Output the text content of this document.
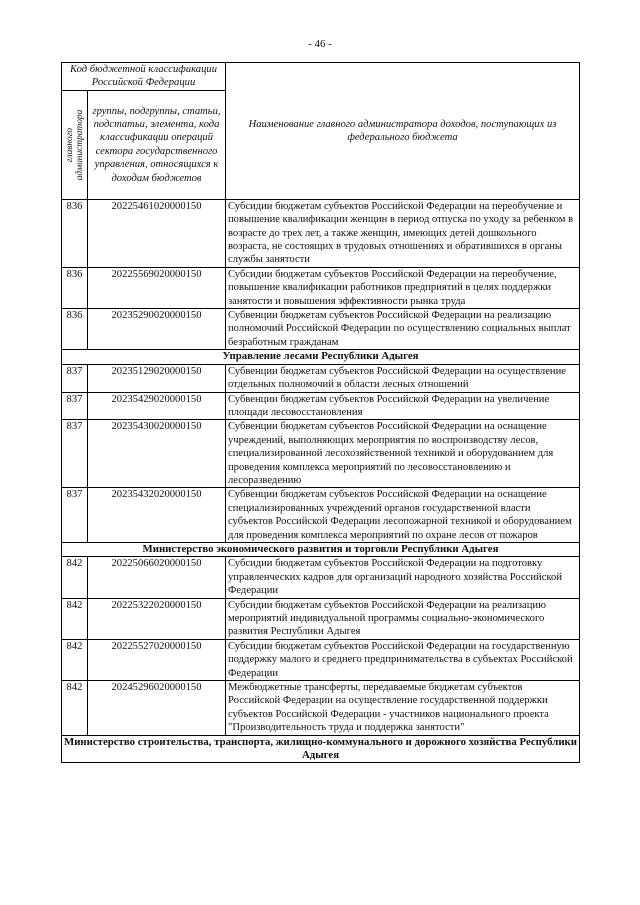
- 46 -
Код бюджетной классификации Российской Федерации		Наименование главного администратора доходов, поступающих из федерального бюджета

главного администратора	группы, подгруппы, статьи, подстатьи, элемента, кода классификации операций сектора государственного управления, относящихся к доходам бюджетов	
836	20225461020000150	Субсидии бюджетам субъектов Российской Федерации на переобучение и повышение квалификации женщин в период отпуска по уходу за ребенком в возрасте до трех лет, а также женщин, имеющих детей дошкольного возраста, не состоящих в трудовых отношениях и обратившихся в органы службы занятости
836	20225569020000150	Субсидии бюджетам субъектов Российской Федерации на переобучение, повышение квалификации работников предприятий в целях поддержки занятости и повышения эффективности рынка труда
836	20235290020000150	Субвенции бюджетам субъектов Российской Федерации на реализацию полномочий Российской Федерации по осуществлению социальных выплат безработным гражданам
Управление лесами Республики Адыгея		
837	20235129020000150	Субвенции бюджетам субъектов Российской Федерации на осуществление отдельных полномочий в области лесных отношений
837	20235429020000150	Субвенции бюджетам субъектов Российской Федерации на увеличение площади лесовосстановления
837	20235430020000150	Субвенции бюджетам субъектов Российской Федерации на оснащение учреждений, выполняющих мероприятия по воспроизводству лесов, специализированной лесохозяйственной техникой и оборудованием для проведения комплекса мероприятий по лесовосстановлению и лесоразведению
837	20235432020000150	Субвенции бюджетам субъектов Российской Федерации на оснащение специализированных учреждений органов государственной власти субъектов Российской Федерации лесопожарной техникой и оборудованием для проведения комплекса мероприятий по охране лесов от пожаров
Министерство экономического развития и торговли Республики Адыгея		
842	20225066020000150	Субсидии бюджетам субъектов Российской Федерации на подготовку управленческих кадров для организаций народного хозяйства Российской Федерации
842	20225322020000150	Субсидии бюджетам субъектов Российской Федерации на реализацию мероприятий индивидуальной программы социально-экономического развития Республики Адыгея
842	20225527020000150	Субсидии бюджетам субъектов Российской Федерации на государственную поддержку малого и среднего предпринимательства в субъектах Российской Федерации
842	20245296020000150	Межбюджетные трансферты, передаваемые бюджетам субъектов Российской Федерации на осуществление государственной поддержки субъектов Российской Федерации - участников национального проекта "Производительность труда и поддержка занятости"
Министерство строительства, транспорта, жилищно-коммунального и дорожного хозяйства Республики Адыгея		
